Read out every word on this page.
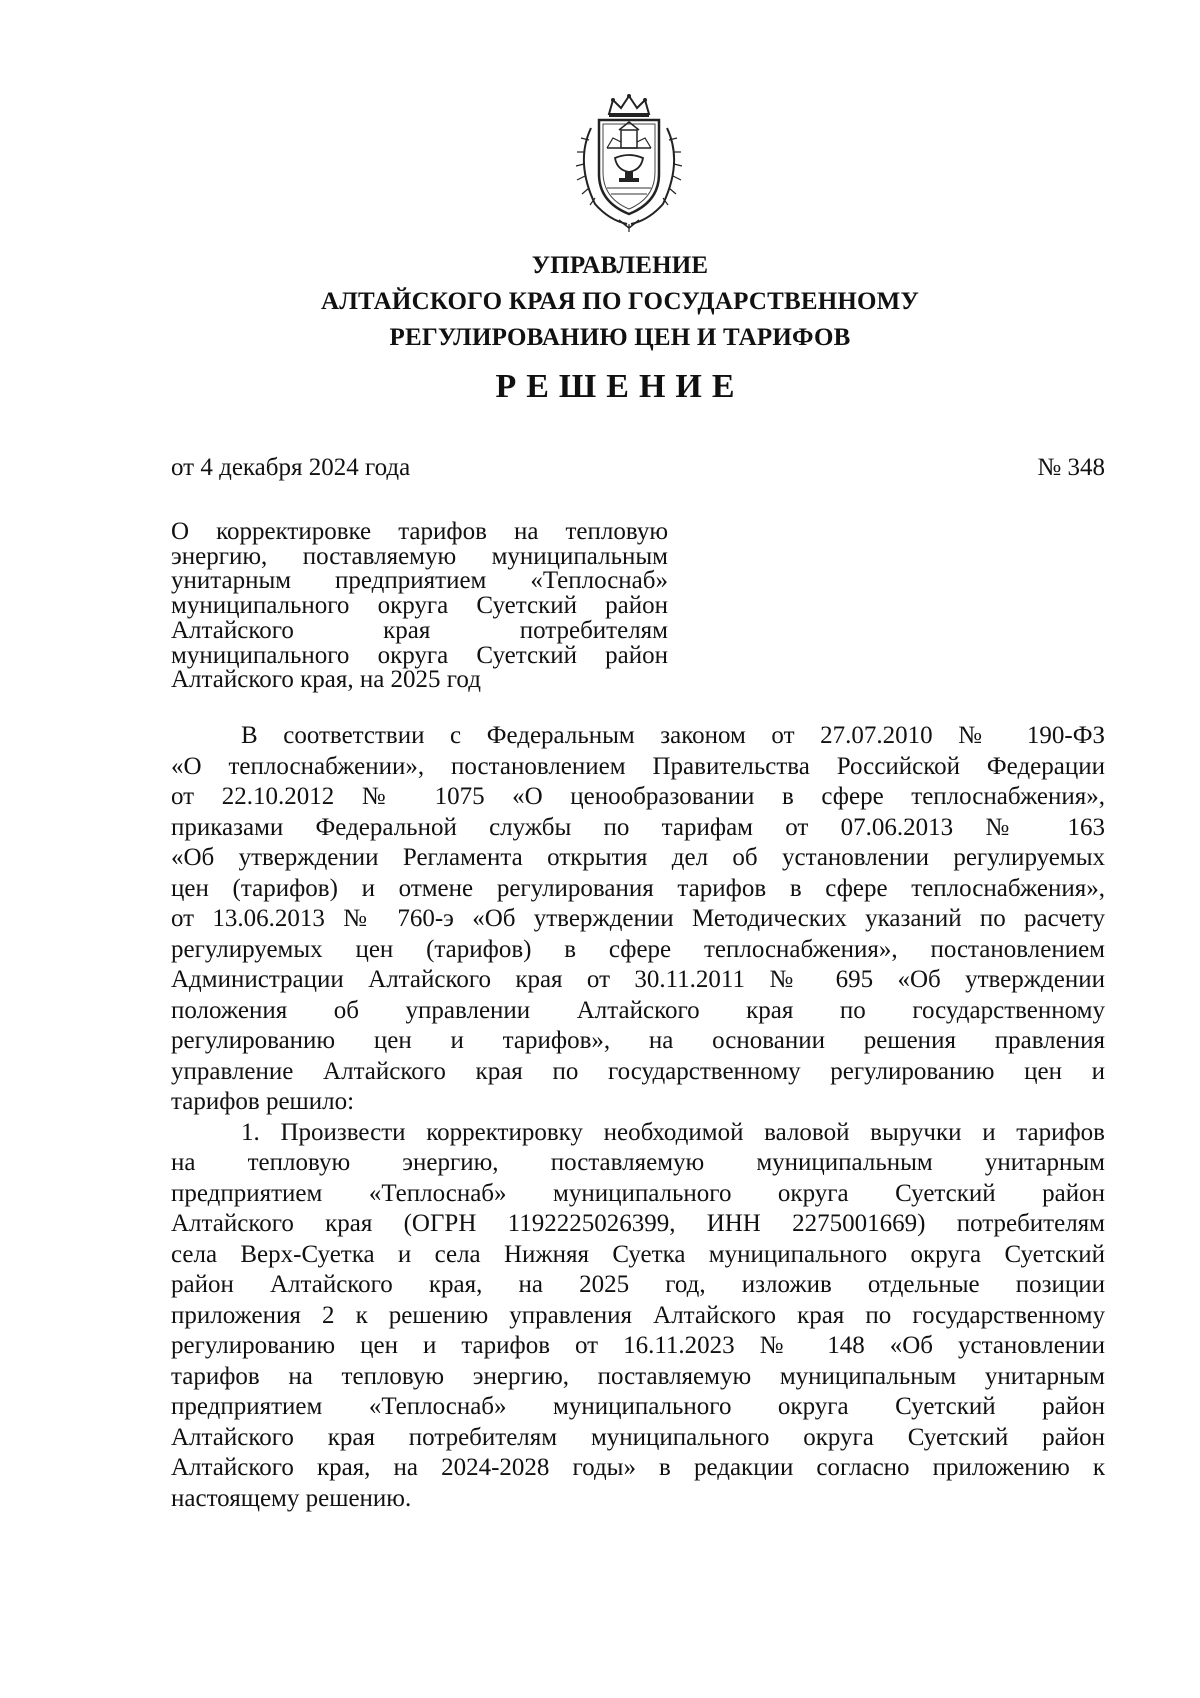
УПРАВЛЕНИЕ
АЛТАЙСКОГО КРАЯ ПО ГОСУДАРСТВЕННОМУ
РЕГУЛИРОВАНИЮ ЦЕН И ТАРИФОВ
РЕШЕНИЕ
от 4 декабря 2024 года	№ 348
О корректировке тарифов на тепловую
энергию, поставляемую муниципальным
унитарным предприятием «Теплоснаб»
муниципального округа Суетский район
Алтайского края потребителям
муниципального округа Суетский район
Алтайского края, на 2025 год
В соответствии с Федеральным законом от 27.07.2010 № 190-ФЗ
«О теплоснабжении», постановлением Правительства Российской Федерации
от 22.10.2012 № 1075 «О ценообразовании в сфере теплоснабжения»,
приказами Федеральной службы по тарифам от 07.06.2013 № 163
«Об утверждении Регламента открытия дел об установлении регулируемых
цен (тарифов) и отмене регулирования тарифов в сфере теплоснабжения»,
от 13.06.2013 № 760-э «Об утверждении Методических указаний по расчету
регулируемых цен (тарифов) в сфере теплоснабжения», постановлением
Администрации Алтайского края от 30.11.2011 № 695 «Об утверждении
положения об управлении Алтайского края по государственному
регулированию цен и тарифов», на основании решения правления
управление Алтайского края по государственному регулированию цен и
тарифов решило:
1. Произвести корректировку необходимой валовой выручки и тарифов
на тепловую энергию, поставляемую муниципальным унитарным
предприятием «Теплоснаб» муниципального округа Суетский район
Алтайского края (ОГРН 1192225026399, ИНН 2275001669) потребителям
села Верх-Суетка и села Нижняя Суетка муниципального округа Суетский
район Алтайского края, на 2025 год, изложив отдельные позиции
приложения 2 к решению управления Алтайского края по государственному
регулированию цен и тарифов от 16.11.2023 № 148 «Об установлении
тарифов на тепловую энергию, поставляемую муниципальным унитарным
предприятием «Теплоснаб» муниципального округа Суетский район
Алтайского края потребителям муниципального округа Суетский район
Алтайского края, на 2024-2028 годы» в редакции согласно приложению к
настоящему решению.
